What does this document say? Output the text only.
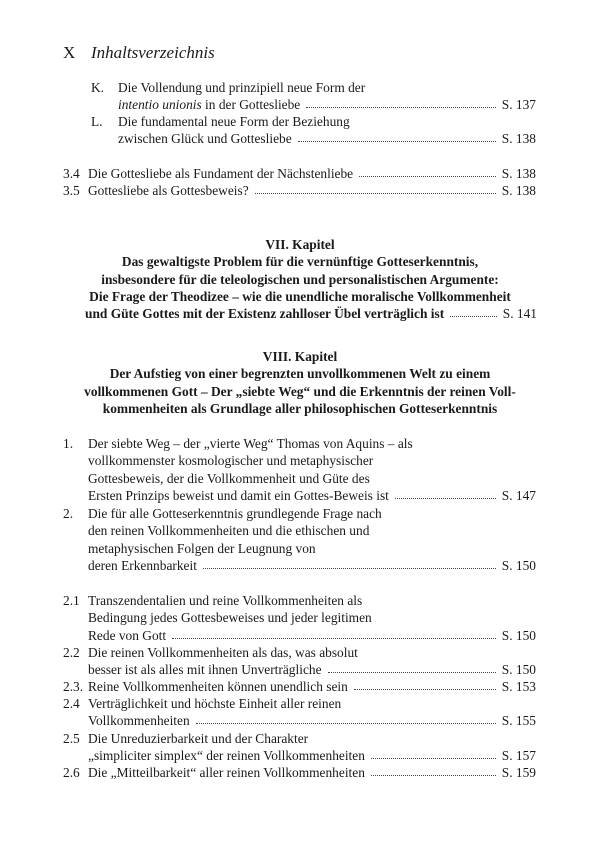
X Inhaltsverzeichnis
K. Die Vollendung und prinzipiell neue Form der
intentio unionis in der Gottesliebe	S. 137
L. Die fundamental neue Form der Beziehung
zwischen Glück und Gottesliebe	S. 138
3.4 Die Gottesliebe als Fundament der Nächstenliebe	S. 138
3.5 Gottesliebe als Gottesbeweis?	S. 138
VII. Kapitel
Das gewaltigste Problem für die vernünftige Gotteserkenntnis,
insbesondere für die teleologischen und personalistischen Argumente:
Die Frage der Theodizee – wie die unendliche moralische Vollkommenheit
und Güte Gottes mit der Existenz zahlloser Übel verträglich ist	S. 141
VIII. Kapitel
Der Aufstieg von einer begrenzten unvollkommenen Welt zu einem
vollkommenen Gott – Der „siebte Weg“ und die Erkenntnis der reinen Voll-
kommenheiten als Grundlage aller philosophischen Gotteserkenntnis
1. Der siebte Weg – der „vierte Weg“ Thomas von Aquins – als
vollkommenster kosmologischer und metaphysischer
Gottesbeweis, der die Vollkommenheit und Güte des
Ersten Prinzips beweist und damit ein Gottes-Beweis ist	S. 147
2. Die für alle Gotteserkenntnis grundlegende Frage nach
den reinen Vollkommenheiten und die ethischen und
metaphysischen Folgen der Leugnung von
deren Erkennbarkeit	S. 150
2.1 Transzendentalien und reine Vollkommenheiten als
Bedingung jedes Gottesbeweises und jeder legitimen
Rede von Gott	S. 150
2.2 Die reinen Vollkommenheiten als das, was absolut
besser ist als alles mit ihnen Unverträgliche	S. 150
2.3. Reine Vollkommenheiten können unendlich sein	S. 153
2.4 Verträglichkeit und höchste Einheit aller reinen
Vollkommenheiten	S. 155
2.5 Die Unreduzierbarkeit und der Charakter
„simpliciter simplex“ der reinen Vollkommenheiten	S. 157
2.6 Die „Mitteilbarkeit“ aller reinen Vollkommenheiten	S. 159
